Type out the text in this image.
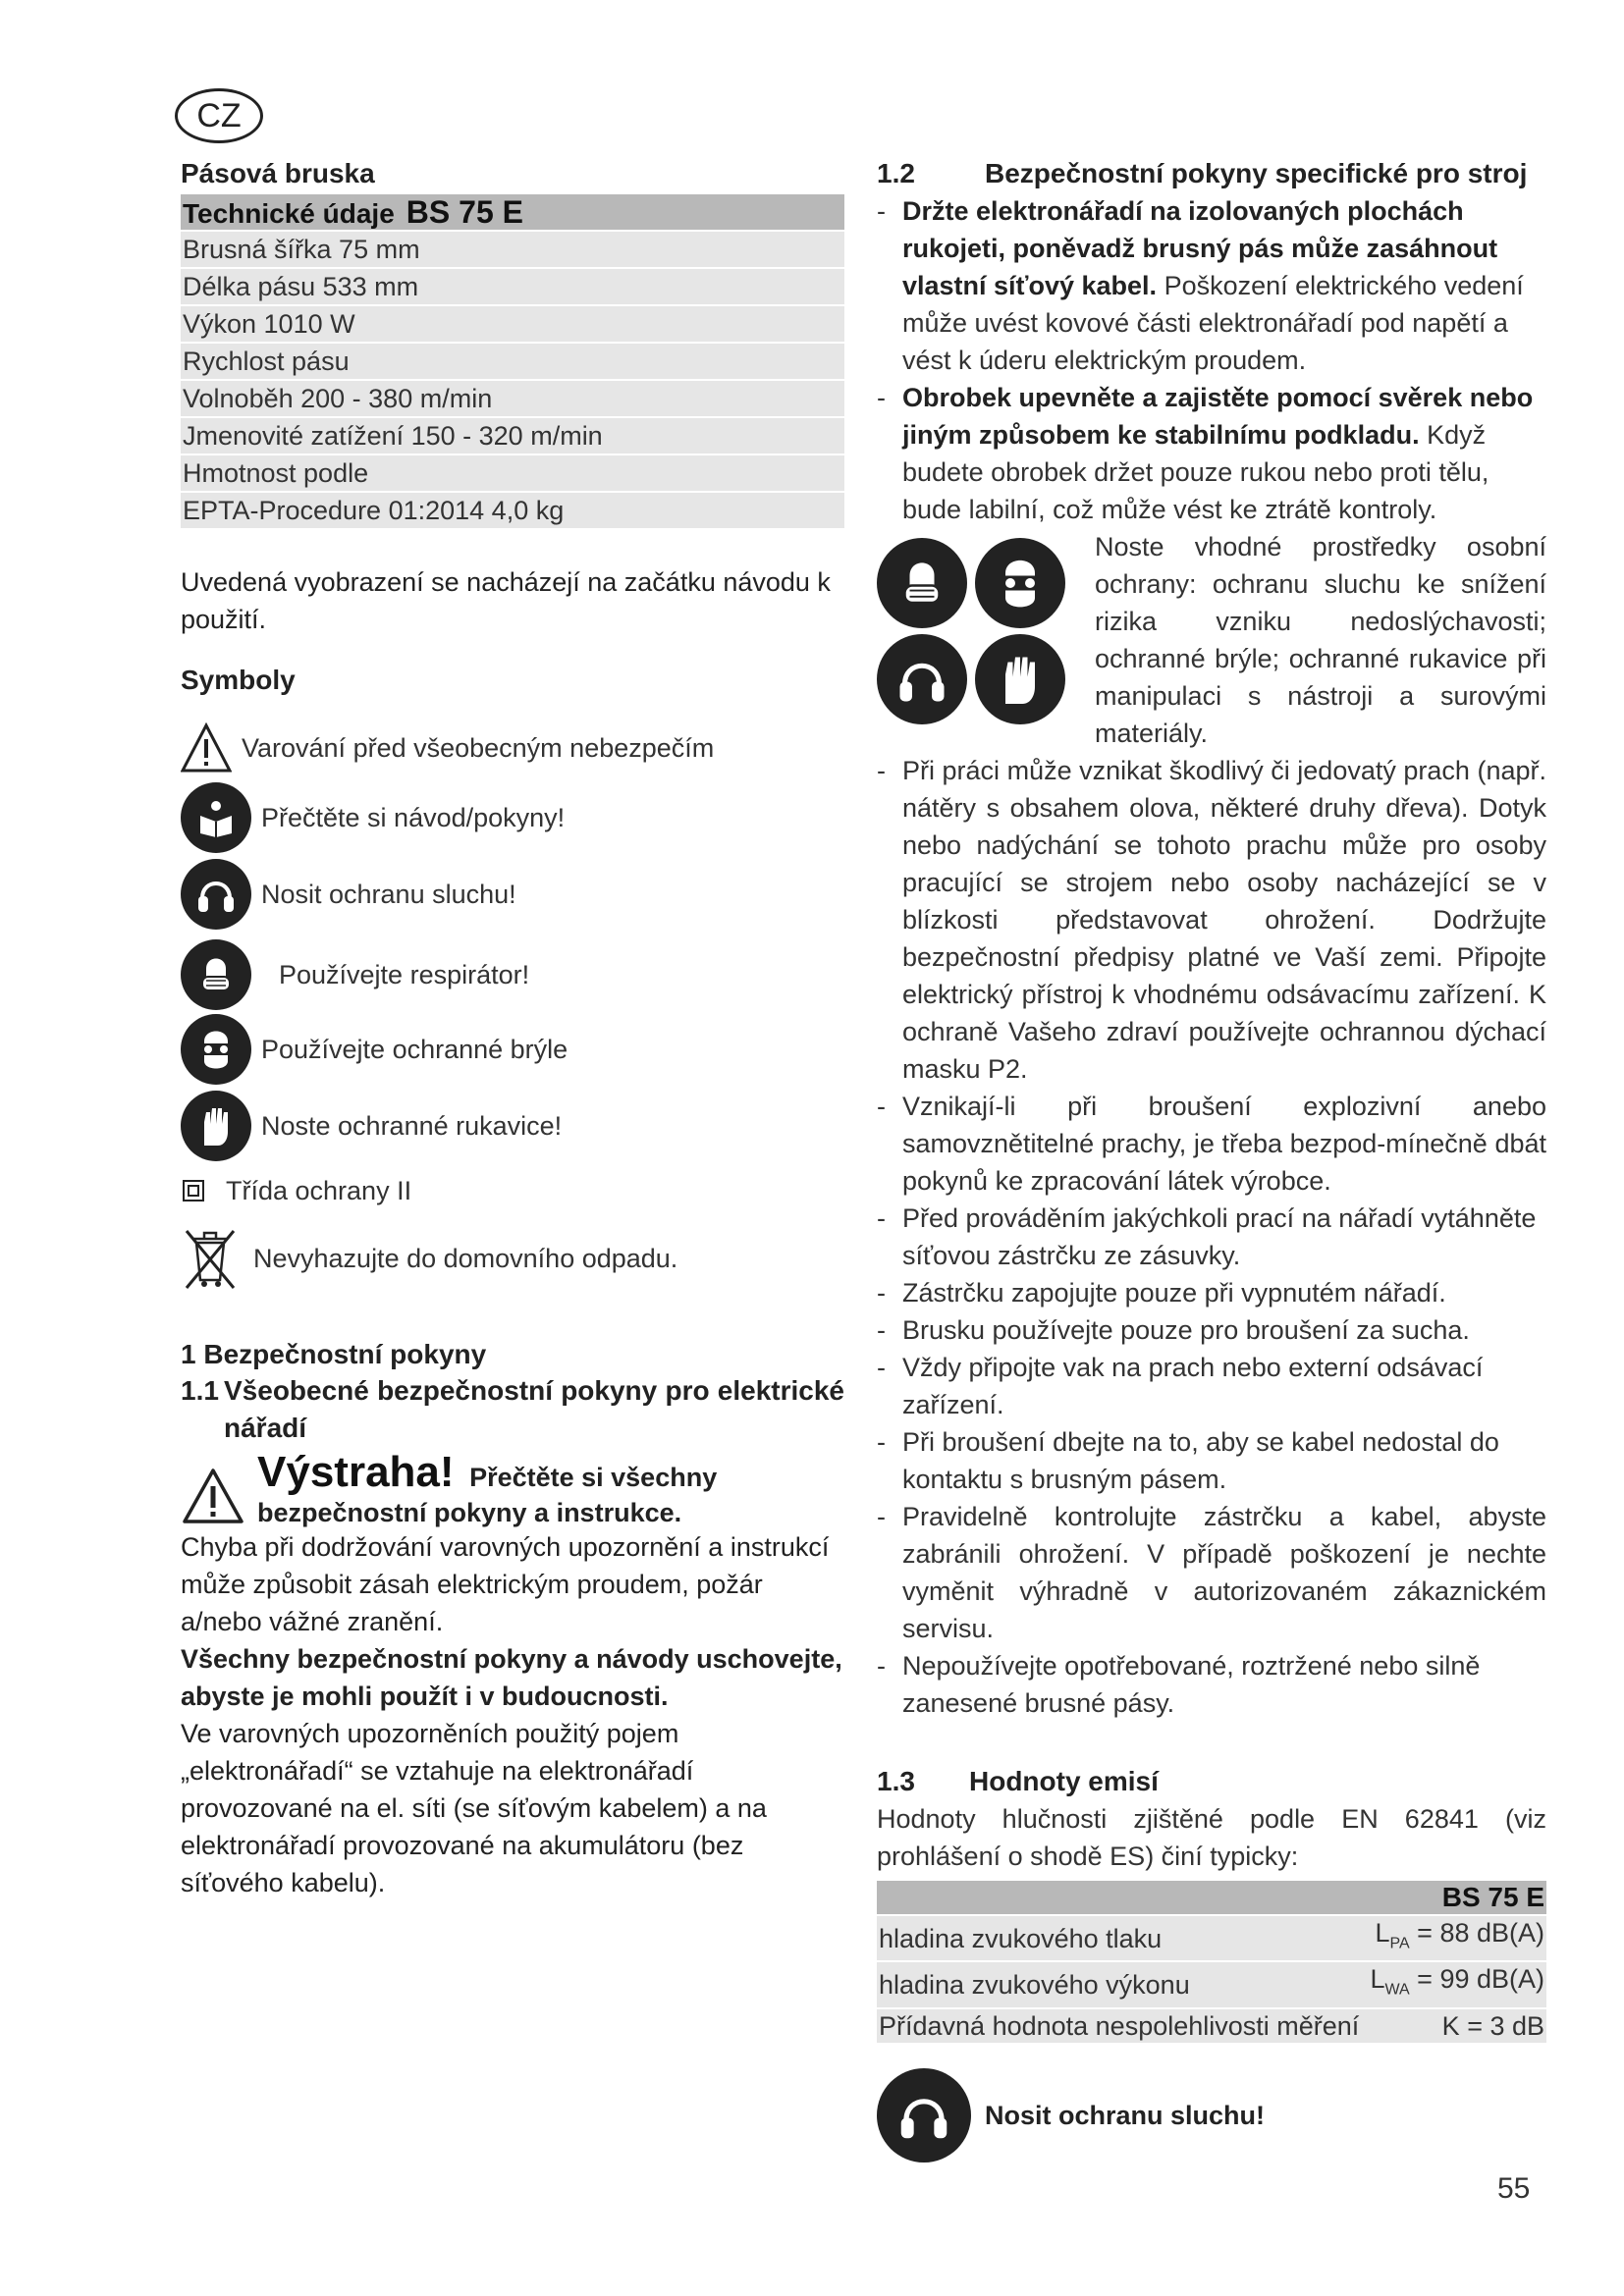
CZ

Pásová bruska

Technické údaje BS 75 E
Brusná šířka 75 mm
Délka pásu 533 mm
Výkon 1010 W
Rychlost pásu
Volnoběh 200 - 380 m/min
Jmenovité zatížení 150 - 320 m/min
Hmotnost podle
EPTA-Procedure 01:2014 4,0 kg

Uvedená vyobrazení se nacházejí na začátku návodu k použití.

Symboly

Varování před všeobecným nebezpečím
Přečtěte si návod/pokyny!
Nosit ochranu sluchu!
Používejte respirátor!
Používejte ochranné brýle
Noste ochranné rukavice!
Třída ochrany II
Nevyhazujte do domovního odpadu.

1 Bezpečnostní pokyny

1.1 Všeobecné bezpečnostní pokyny pro elektrické nářadí

Výstraha! Přečtěte si všechny bezpečnostní pokyny a instrukce.

Chyba při dodržování varovných upozornění a instrukcí může způsobit zásah elektrickým proudem, požár a/nebo vážné zranění.

Všechny bezpečnostní pokyny a návody uschovejte, abyste je mohli použít i v budoucnosti.

Ve varovných upozorněních použitý pojem „elektronářadí“ se vztahuje na elektronářadí provozované na el. síti (se síťovým kabelem) a na elektronářadí provozované na akumulátoru (bez síťového kabelu).

1.2	Bezpečnostní pokyny specifické pro stroj
- Držte elektronářadí na izolovaných plochách rukojeti, poněvadž brusný pás může zasáhnout vlastní síťový kabel. Poškození elektrického vedení může uvést kovové části elektronářadí pod napětí a vést k úderu elektrickým proudem.
- Obrobek upevněte a zajistěte pomocí svěrek nebo jiným způsobem ke stabilnímu podkladu. Když budete obrobek držet pouze rukou nebo proti tělu, bude labilní, což může vést ke ztrátě kontroly.

Noste vhodné prostředky osobní ochrany: ochranu sluchu ke snížení rizika vzniku nedoslýchavosti; ochranné brýle; ochranné rukavice při manipulaci s nástroji a surovými materiály.

- Při práci může vznikat škodlivý či jedovatý prach (např. nátěry s obsahem olova, některé druhy dřeva). Dotyk nebo nadýchání se tohoto prachu může pro osoby pracující se strojem nebo osoby nacházející se v blízkosti představovat ohrožení. Dodržujte bezpečnostní předpisy platné ve Vaší zemi. Připojte elektrický přístroj k vhodnému odsávacímu zařízení. K ochraně Vašeho zdraví používejte ochrannou dýchací masku P2.
- Vznikají-li při broušení explozivní anebo samovznětitelné prachy, je třeba bezpod-mínečně dbát pokynů ke zpracování látek výrobce.
- Před prováděním jakýchkoli prací na nářadí vytáhněte síťovou zástrčku ze zásuvky.
- Zástrčku zapojujte pouze při vypnutém nářadí.
- Brusku používejte pouze pro broušení za sucha.
- Vždy připojte vak na prach nebo externí odsávací zařízení.
- Při broušení dbejte na to, aby se kabel nedostal do kontaktu s brusným pásem.
- Pravidelně kontrolujte zástrčku a kabel, abyste zabránili ohrožení. V případě poškození je nechte vyměnit výhradně v autorizovaném zákaznickém servisu.
- Nepoužívejte opotřebované, roztržené nebo silně zanesené brusné pásy.
1.3	Hodnoty emisí

Hodnoty hlučnosti zjištěné podle EN 62841 (viz prohlášení o shodě ES) činí typicky:

BS 75 E	
hladina zvukového tlaku	$L_{PA} = 88$ dB(A)
hladina zvukového výkonu	$L_{WA} = 99$ dB(A)
Přídavná hodnota nespolehlivosti měření	K = 3 dB
Nosit ochranu sluchu!
55
